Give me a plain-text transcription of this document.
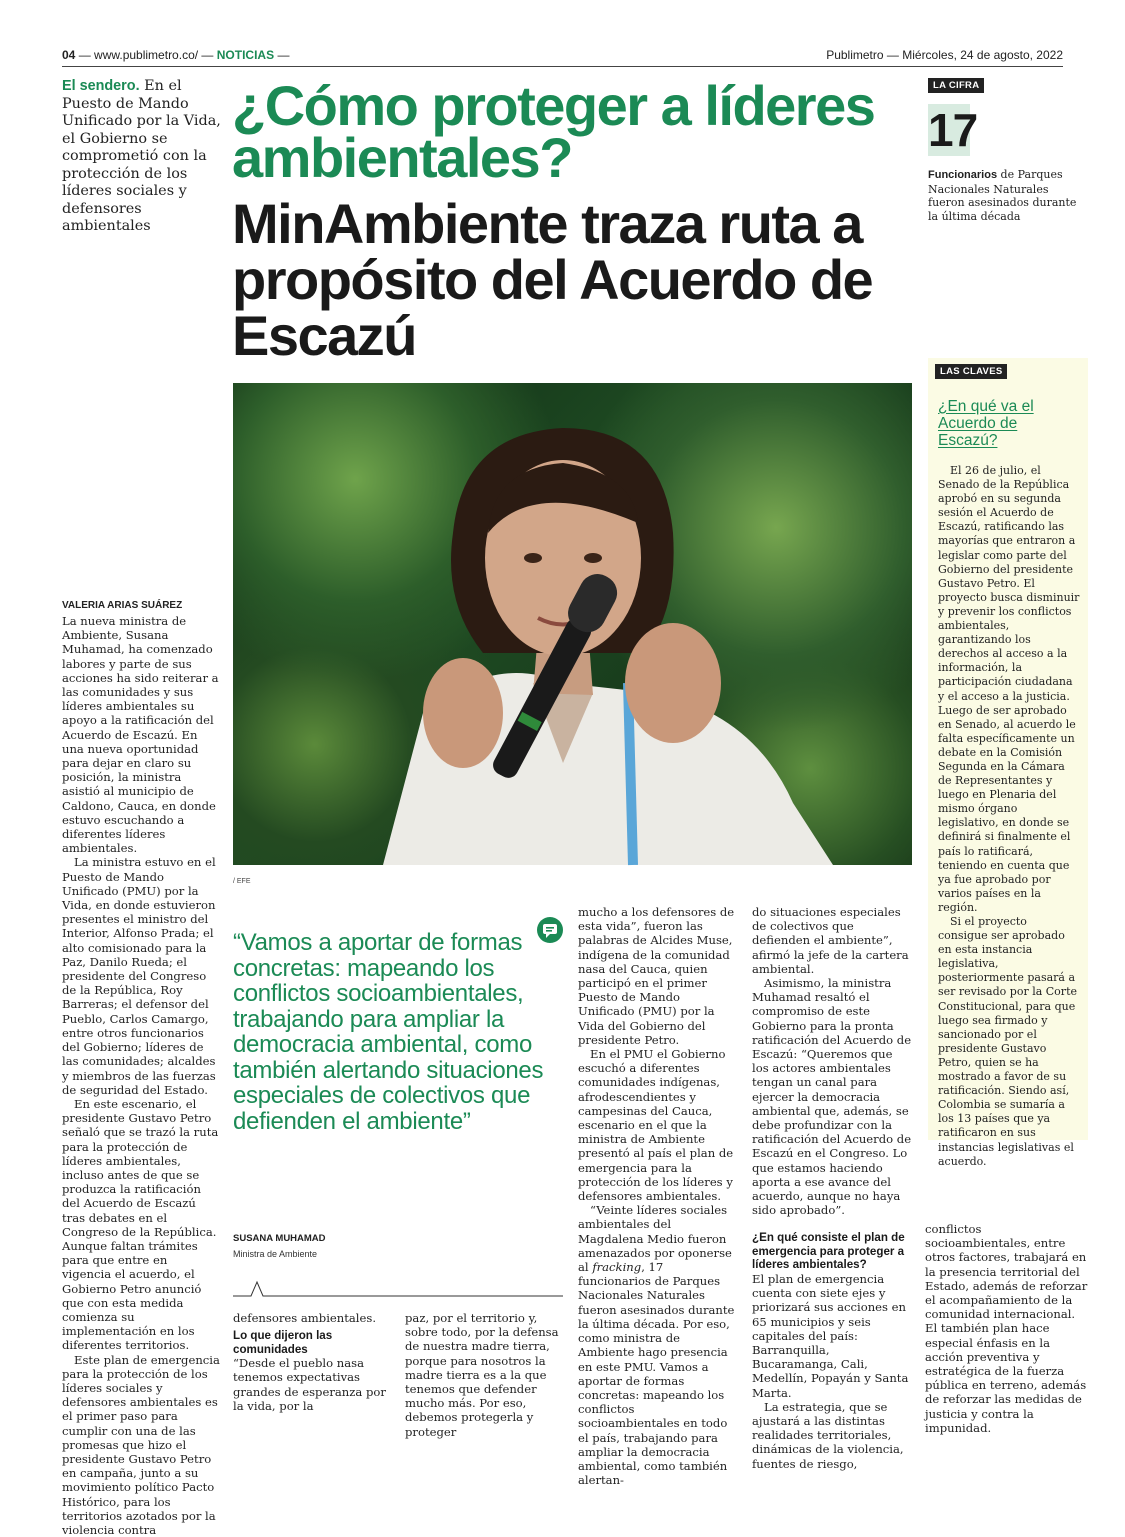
04 — www.publimetro.co/ — NOTICIAS —	Publimetro — Miércoles, 24 de agosto, 2022
El sendero. En el Puesto de Mando Unificado por la Vida, el Gobierno se comprometió con la protección de los líderes sociales y defensores ambientales
¿Cómo proteger a líderes ambientales?
MinAmbiente traza ruta a propósito del Acuerdo de Escazú
/ EFE
LA CIFRA
17
Funcionarios de Parques Nacionales Naturales fueron asesinados durante la última década
LAS CLAVES
¿En qué va el Acuerdo de Escazú?

El 26 de julio, el Senado de la República aprobó en su segunda sesión el Acuerdo de Escazú, ratificando las mayorías que entraron a legislar como parte del Gobierno del presidente Gustavo Petro. El proyecto busca disminuir y prevenir los conflictos ambientales, garantizando los derechos al acceso a la información, la participación ciudadana y el acceso a la justicia. Luego de ser aprobado en Senado, al acuerdo le falta específicamente un debate en la Comisión Segunda en la Cámara de Representantes y luego en Plenaria del mismo órgano legislativo, en donde se definirá si finalmente el país lo ratificará, teniendo en cuenta que ya fue aprobado por varios países en la región.

Si el proyecto consigue ser aprobado en esta instancia legislativa, posteriormente pasará a ser revisado por la Corte Constitucional, para que luego sea firmado y sancionado por el presidente Gustavo Petro, quien se ha mostrado a favor de su ratificación. Siendo así, Colombia se sumaría a los 13 países que ya ratificaron en sus instancias legislativas el acuerdo.

VALERIA ARIAS SUÁREZ

La nueva ministra de Ambiente, Susana Muhamad, ha comenzado labores y parte de sus acciones ha sido reiterar a las comunidades y sus líderes ambientales su apoyo a la ratificación del Acuerdo de Escazú. En una nueva oportunidad para dejar en claro su posición, la ministra asistió al municipio de Caldono, Cauca, en donde estuvo escuchando a diferentes líderes ambientales.

La ministra estuvo en el Puesto de Mando Unificado (PMU) por la Vida, en donde estuvieron presentes el ministro del Interior, Alfonso Prada; el alto comisionado para la Paz, Danilo Rueda; el presidente del Congreso de la República, Roy Barreras; el defensor del Pueblo, Carlos Camargo, entre otros funcionarios del Gobierno; líderes de las comunidades; alcaldes y miembros de las fuerzas de seguridad del Estado.

En este escenario, el presidente Gustavo Petro señaló que se trazó la ruta para la protección de líderes ambientales, incluso antes de que se produzca la ratificación del Acuerdo de Escazú tras debates en el Congreso de la República. Aunque faltan trámites para que entre en vigencia el acuerdo, el Gobierno Petro anunció que con esta medida comienza su implementación en los diferentes territorios.

Este plan de emergencia para la protección de los líderes sociales y defensores ambientales es el primer paso para cumplir con una de las promesas que hizo el presidente Gustavo Petro en campaña, junto a su movimiento político Pacto Histórico, para los territorios azotados por la violencia contra

“Vamos a aportar de formas concretas: mapeando los conflictos socioambientales, trabajando para ampliar la democracia ambiental, como también alertando situaciones especiales de colectivos que defienden el ambiente”
SUSANA MUHAMAD
Ministra de Ambiente

defensores ambientales.

Lo que dijeron las comunidades

“Desde el pueblo nasa tenemos expectativas grandes de esperanza por la vida, por la

paz, por el territorio y, sobre todo, por la defensa de nuestra madre tierra, porque para nosotros la madre tierra es a la que tenemos que defender mucho más. Por eso, debemos protegerla y proteger

mucho a los defensores de esta vida”, fueron las palabras de Alcides Muse, indígena de la comunidad nasa del Cauca, quien participó en el primer Puesto de Mando Unificado (PMU) por la Vida del Gobierno del presidente Petro.

En el PMU el Gobierno escuchó a diferentes comunidades indígenas, afrodescendientes y campesinas del Cauca, escenario en el que la ministra de Ambiente presentó al país el plan de emergencia para la protección de los líderes y defensores ambientales.

“Veinte líderes sociales ambientales del Magdalena Medio fueron amenazados por oponerse al fracking, 17 funcionarios de Parques Nacionales Naturales fueron asesinados durante la última década. Por eso, como ministra de Ambiente hago presencia en este PMU. Vamos a aportar de formas concretas: mapeando los conflictos socioambientales en todo el país, trabajando para ampliar la democracia ambiental, como también alertan-

do situaciones especiales de colectivos que defienden el ambiente”, afirmó la jefe de la cartera ambiental.

Asimismo, la ministra Muhamad resaltó el compromiso de este Gobierno para la pronta ratificación del Acuerdo de Escazú: “Queremos que los actores ambientales tengan un canal para ejercer la democracia ambiental que, además, se debe profundizar con la ratificación del Acuerdo de Escazú en el Congreso. Lo que estamos haciendo aporta a ese avance del acuerdo, aunque no haya sido aprobado”.

¿En qué consiste el plan de emergencia para proteger a líderes ambientales?

El plan de emergencia cuenta con siete ejes y priorizará sus acciones en 65 municipios y seis capitales del país: Barranquilla, Bucaramanga, Cali, Medellín, Popayán y Santa Marta.

La estrategia, que se ajustará a las distintas realidades territoriales, dinámicas de la violencia, fuentes de riesgo,

conflictos socioambientales, entre otros factores, trabajará en la presencia territorial del Estado, además de reforzar el acompañamiento de la comunidad internacional. El también plan hace especial énfasis en la acción preventiva y estratégica de la fuerza pública en terreno, además de reforzar las medidas de justicia y contra la impunidad.
